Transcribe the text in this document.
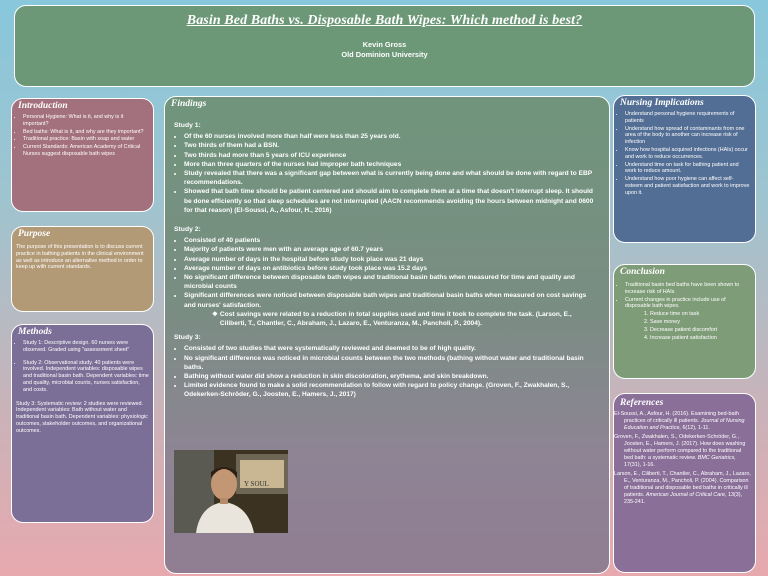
Basin Bed Baths vs. Disposable Bath Wipes: Which method is best?
Kevin Gross
Old Dominion University
Introduction
• Personal Hygiene: What is it, and why is it important?
• Bed baths: What is it, and why are they important?
• Traditional practice: Basin with soap and water
• Current Standards: American Academy of Critical Nurses suggest disposable bath wipes
Purpose
The purpose of this presentation is to discuss current practice in bathing patients in the clinical environment as well as introduce an alternative method in order to keep up with current standards.
Methods
• Study 1: Descriptive design. 60 nurses were observed. Graded using "assessment sheet"
• Study 2: Observational study. 40 patients were involved. Independent variables: disposable wipes and traditional basin bath. Dependent variables: time and quality, microbial counts, nurses satisfaction, and costs.
Study 3: Systematic review: 2 studies were reviewed. Independent variables: Bath without water and traditional basin bath. Dependent variables: physiologic outcomes, stakeholder outcomes, and organizational outcomes.
Findings
Study 1:
• Of the 60 nurses involved more than half were less than 25 years old.
• Two thirds of them had a BSN.
• Two thirds had more than 5 years of ICU experience
• More than three quarters of the nurses had improper bath techniques
• Study revealed that there was a significant gap between what is currently being done and what should be done with regard to EBP recommendations.
• Showed that bath time should be patient centered and should aim to complete them at a time that doesn't interrupt sleep. It should be done efficiently so that sleep schedules are not interrupted (AACN recommends avoiding the hours between midnight and 0600 for that reason) (El-Soussi, A., Asfour, H., 2016)
Study 2:
• Consisted of 40 patients
• Majority of patients were men with an average age of 60.7 years
• Average number of days in the hospital before study took place was 21 days
• Average number of days on antibiotics before study took place was 15.2 days
• No significant difference between disposable bath wipes and traditional basin baths when measured for time and quality and microbial counts
• Significant differences were noticed between disposable bath wipes and traditional basin baths when measured on cost savings and nurses' satisfaction.
❖ Cost savings were related to a reduction in total supplies used and time it took to complete the task. (Larson, E., Ciliberti, T., Chantler, C., Abraham, J., Lazaro, E., Venturanza, M., Pancholi, P., 2004).
Study 3:
• Consisted of two studies that were systematically reviewed and deemed to be of high quality.
• No significant difference was noticed in microbial counts between the two methods (bathing without water and traditional basin baths.
• Bathing without water did show a reduction in skin discoloration, erythema, and skin breakdown.
• Limited evidence found to make a solid recommendation to follow with regard to policy change. (Groven, F., Zwakhalen, S., Odekerken-Schröder, G., Joosten, E., Hamers, J., 2017)
Y SOUL
Nursing Implications
• Understand personal hygiene requirements of patients
• Understand how spread of contaminants from one area of the body to another can increase risk of infection
• Know how hospital acquired infections (HAIs) occur and work to reduce occurrences.
• Understand time on task for bathing patient and work to reduce amount.
• Understand how poor hygiene can affect self-esteem and patient satisfaction and work to improve upon it.
Conclusion
• Traditional basin bed baths have been shown to increase risk of HAIs
• Current changes in practice include use of disposable bath wipes.
1. Reduce time on task
2. Save money
3. Decrease patient discomfort
4. Increase patient satisfaction
References
El-Soussi, A., Asfour, H. (2016). Examining bed-bath practices of critically ill patients. Journal of Nursing Education and Practice, 6(12), 1-11.
Groven, F., Zwakhalen, S., Odekerken-Schröder, G., Joosten, E., Hamers, J. (2017). How does washing without water perform compared to the traditional bed bath: a systematic review. BMC Geriatrics, 17(31), 1-16.
Larson, E., Ciliberti, T., Chantler, C., Abraham, J., Lazaro, E., Venturanza, M., Pancholi, P. (2004). Comparison of traditional and disposable bed baths in critically ill patients. American Journal of Critical Care, 13(3), 235-241.
